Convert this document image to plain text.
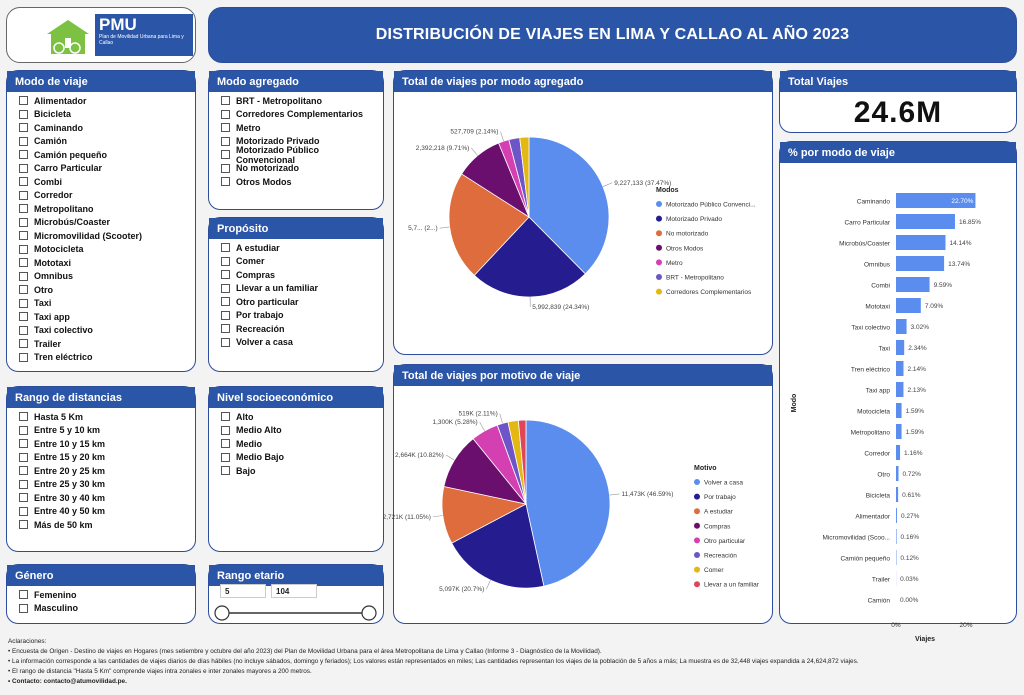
PMU
Plan de Movilidad Urbana para Lima y Callao	DISTRIBUCIÓN DE VIAJES EN LIMA Y CALLAO AL AÑO 2023
Modo de viaje
Alimentador
Bicicleta
Caminando
Camión
Camión pequeño
Carro Particular
Combi
Corredor
Metropolitano
Microbús/Coaster
Micromovilidad (Scooter)
Motocicleta
Mototaxi
Omnibus
Otro
Taxi
Taxi app
Taxi colectivo
Trailer
Tren eléctrico
Modo agregado
BRT - Metropolitano
Corredores Complementarios
Metro
Motorizado Privado
Motorizado Público Convencional
No motorizado
Otros Modos
Propósito
A estudiar
Comer
Compras
Llevar a un familiar
Otro particular
Por trabajo
Recreación
Volver a casa
Rango de distancias
Hasta 5 Km
Entre 5 y 10 km
Entre 10 y 15 km
Entre 15 y 20 km
Entre 20 y 25 km
Entre 25 y 30 km
Entre 30 y 40 km
Entre 40 y 50 km
Más de 50 km
Nivel socioeconómico
Alto
Medio Alto
Medio
Medio Bajo
Bajo
Género
Femenino
Masculino
Rango etario
5	104
Total de viajes por modo agregado
9,227,133 (37.47%)
5,992,839 (24.34%)
5,7... (2...)
2,392,218 (9.71%)
527,709 (2.14%)
Modos
Motorizado Público Convenci...
Motorizado Privado
No motorizado
Otros Modos
Metro
BRT - Metropolitano
Corredores Complementarios
Total de viajes por motivo de viaje
11,473K (46.59%)
5,097K (20.7%)
2,721K (11.05%)
2,664K (10.82%)
1,300K (5.28%)
519K (2.11%)
Motivo
Volver a casa
Por trabajo
A estudiar
Compras
Otro particular
Recreación
Comer
Llevar a un familiar
Total Viajes
24.6M
% por modo de viaje
Modo
Caminando	22.70%
Carro Particular	16.85%
Microbús/Coaster	14.14%
Omnibus	13.74%
Combi	9.59%
Mototaxi	7.09%
Taxi colectivo	3.02%
Taxi	2.34%
Tren eléctrico	2.14%
Taxi app	2.13%
Motocicleta 1.59%
Metropolitano 1.59%
Corredor 1.16%
Otro 0.72%
Bicicleta 0.61%
Alimentador 0.27%
Micromovilidad (Scoo... 0.16%
Camión pequeño 0.12%
Trailer 0.03%
Camión 0.00%
0%	20%
Viajes
Aclaraciones:
• Encuesta de Origen - Destino de viajes en Hogares (mes setiembre y octubre del año 2023) del Plan de Movilidad Urbana para el área Metropolitana de Lima y Callao (Informe 3 - Diagnóstico de la Movilidad).
• La información corresponde a las cantidades de viajes diarios de días hábiles (no incluye sábados, domingo y feriados); Los valores están representados en miles; Las cantidades representan los viajes de la población de 5 años a más; La muestra es de 32,448 viajes expandida a 24,624,872 viajes.
• El rango de distancia "Hasta 5 Km" comprende viajes intra zonales e inter zonales mayores a 200 metros.
• Contacto: contacto@atumovilidad.pe.
